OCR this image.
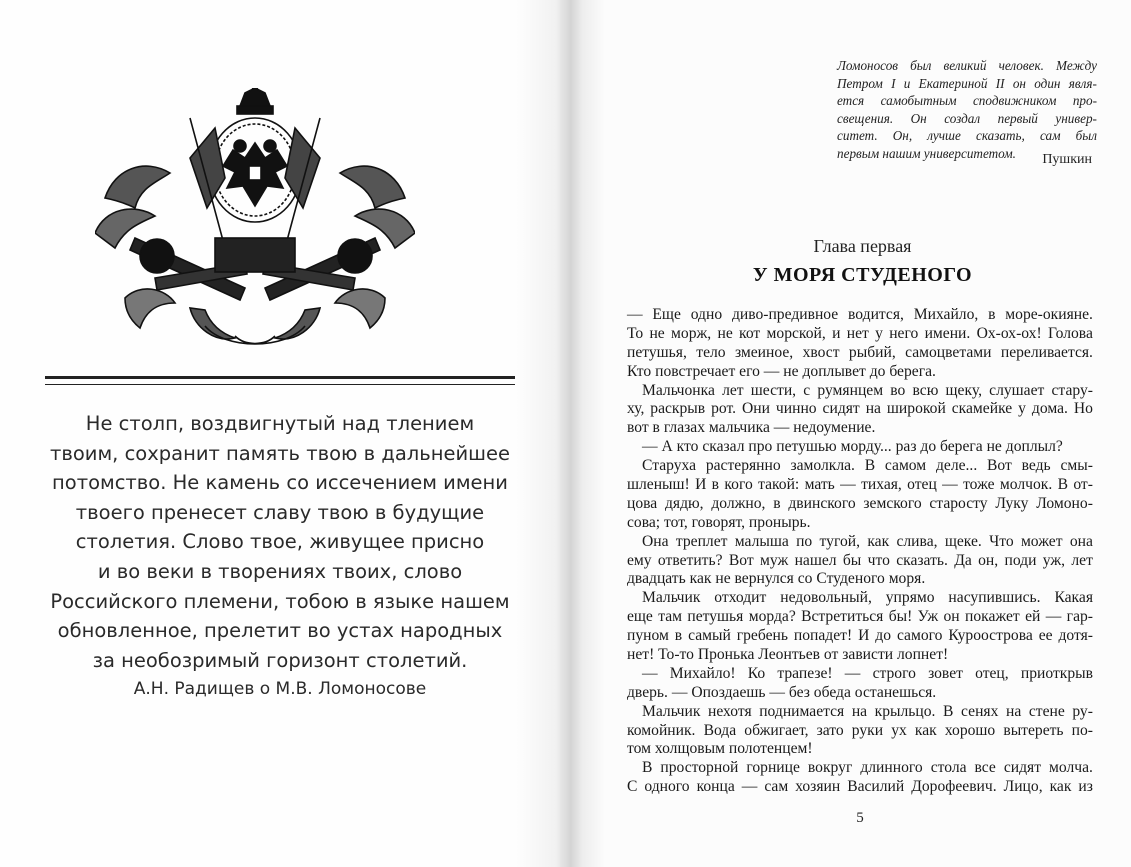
Не столп, воздвигнутый над тлением
твоим, сохранит память твою в дальнейшее
потомство. Не камень со иссечением имени
твоего пренесет славу твою в будущие
столетия. Слово твое, живущее присно
и во веки в творениях твоих, слово
Российского племени, тобою в языке нашем
обновленное, прелетит во устах народных
за необозримый горизонт столетий.
А.Н. Радищев о М.В. Ломоносове
Ломоносов был великий человек. Между
Петром I и Екатериной II он один явля-
ется самобытным сподвижником про-
свещения. Он создал первый универ-
ситет. Он, лучше сказать, сам был
первым нашим университетом.	Пушкин
Глава первая
У МОРЯ СТУДЕНОГО
— Еще одно диво-предивное водится, Михайло, в море-окияне.
То не морж, не кот морской, и нет у него имени. Ох-ох-ох! Голова
петушья, тело змеиное, хвост рыбий, самоцветами переливается.
Кто повстречает его — не доплывет до берега.
Мальчонка лет шести, с румянцем во всю щеку, слушает стару-
ху, раскрыв рот. Они чинно сидят на широкой скамейке у дома. Но
вот в глазах мальчика — недоумение.
— А кто сказал про петушью морду... раз до берега не доплыл?
Старуха растерянно замолкла. В самом деле... Вот ведь смы-
шленыш! И в кого такой: мать — тихая, отец — тоже молчок. В от-
цова дядю, должно, в двинского земского старосту Луку Ломоно-
сова; тот, говорят, пронырь.
Она треплет малыша по тугой, как слива, щеке. Что может она
ему ответить? Вот муж нашел бы что сказать. Да он, поди уж, лет
двадцать как не вернулся со Студеного моря.
Мальчик отходит недовольный, упрямо насупившись. Какая
еще там петушья морда? Встретиться бы! Уж он покажет ей — гар-
пуном в самый гребень попадет! И до самого Куроострова ее дотя-
нет! То-то Пронька Леонтьев от зависти лопнет!
— Михайло! Ко трапезе! — строго зовет отец, приоткрыв
дверь. — Опоздаешь — без обеда останешься.
Мальчик нехотя поднимается на крыльцо. В сенях на стене ру-
комойник. Вода обжигает, зато руки ух как хорошо вытереть по-
том холщовым полотенцем!
В просторной горнице вокруг длинного стола все сидят молча.
С одного конца — сам хозяин Василий Дорофеевич. Лицо, как из
5
